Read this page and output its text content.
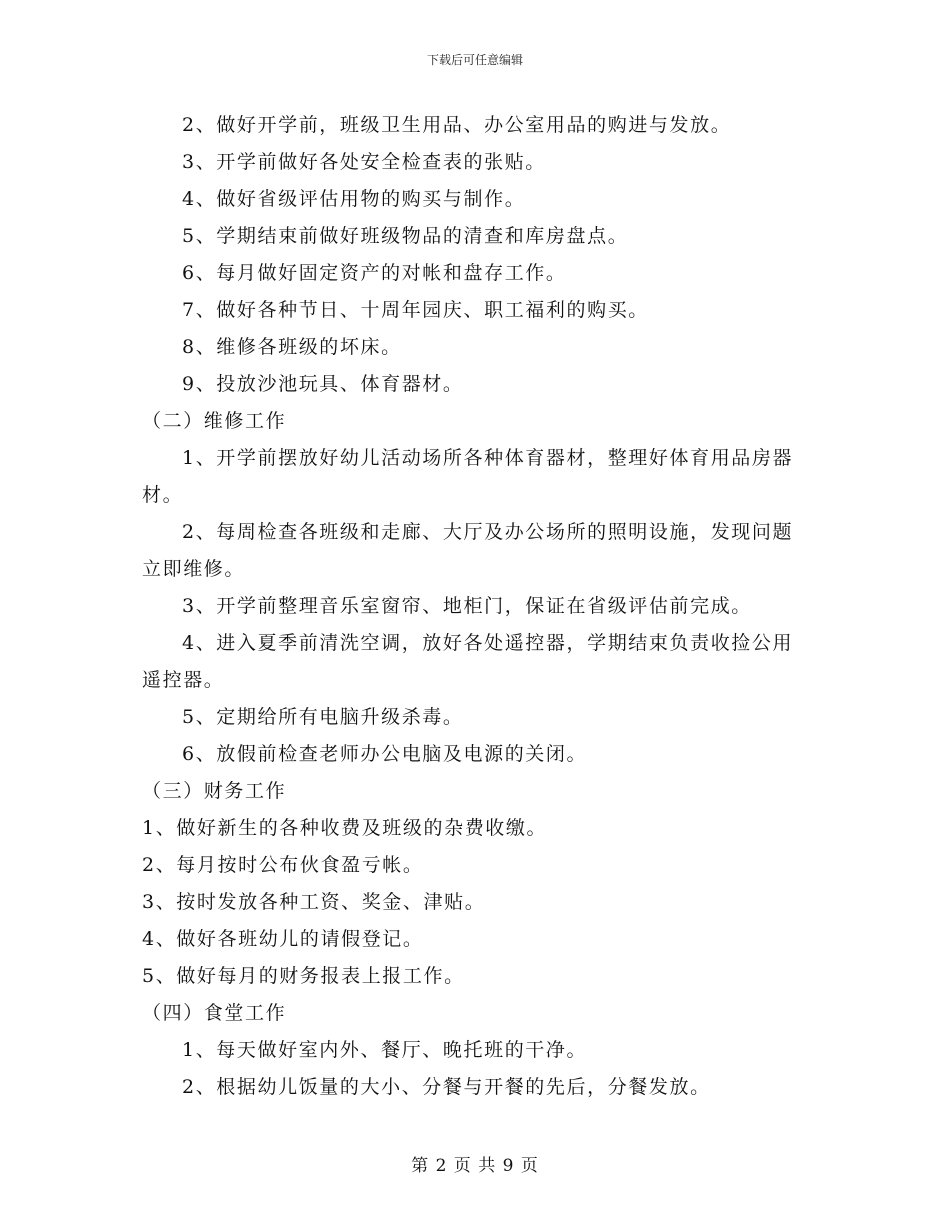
下载后可任意编辑
2、做好开学前，班级卫生用品、办公室用品的购进与发放。
3、开学前做好各处安全检查表的张贴。
4、做好省级评估用物的购买与制作。
5、学期结束前做好班级物品的清查和库房盘点。
6、每月做好固定资产的对帐和盘存工作。
7、做好各种节日、十周年园庆、职工福利的购买。
8、维修各班级的坏床。
9、投放沙池玩具、体育器材。
（二）维修工作
1、开学前摆放好幼儿活动场所各种体育器材，整理好体育用品房器材。
2、每周检查各班级和走廊、大厅及办公场所的照明设施，发现问题立即维修。
3、开学前整理音乐室窗帘、地柜门，保证在省级评估前完成。
4、进入夏季前清洗空调，放好各处遥控器，学期结束负责收捡公用遥控器。
5、定期给所有电脑升级杀毒。
6、放假前检查老师办公电脑及电源的关闭。
（三）财务工作
1、做好新生的各种收费及班级的杂费收缴。
2、每月按时公布伙食盈亏帐。
3、按时发放各种工资、奖金、津贴。
4、做好各班幼儿的请假登记。
5、做好每月的财务报表上报工作。
（四）食堂工作
1、每天做好室内外、餐厅、晚托班的干净。
2、根据幼儿饭量的大小、分餐与开餐的先后，分餐发放。
第 2 页 共 9 页
